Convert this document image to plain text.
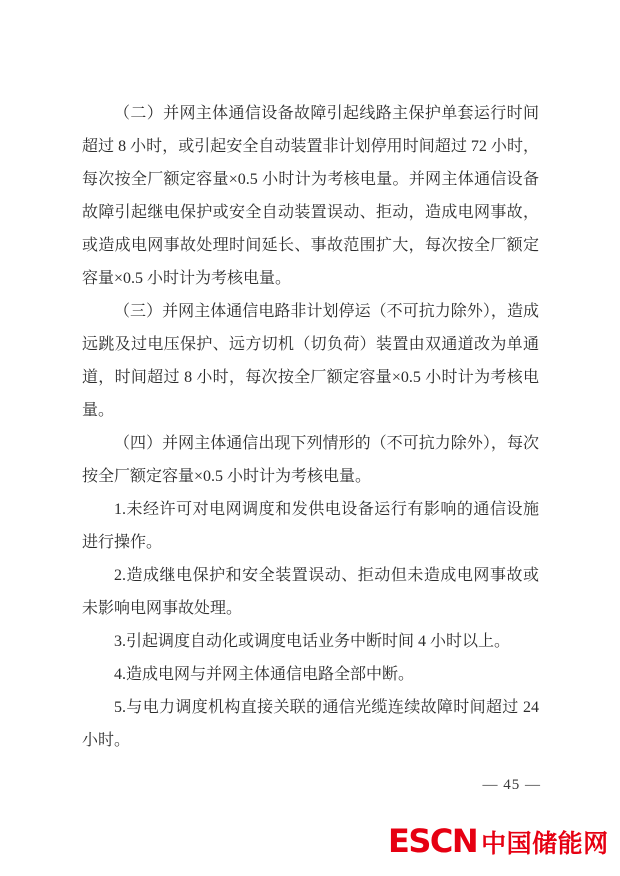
（二）并网主体通信设备故障引起线路主保护单套运行时间超过 8 小时，或引起安全自动装置非计划停用时间超过 72 小时，每次按全厂额定容量×0.5 小时计为考核电量。并网主体通信设备故障引起继电保护或安全自动装置误动、拒动，造成电网事故，或造成电网事故处理时间延长、事故范围扩大，每次按全厂额定容量×0.5 小时计为考核电量。

（三）并网主体通信电路非计划停运（不可抗力除外），造成远跳及过电压保护、远方切机（切负荷）装置由双通道改为单通道，时间超过 8 小时，每次按全厂额定容量×0.5 小时计为考核电量。

（四）并网主体通信出现下列情形的（不可抗力除外），每次按全厂额定容量×0.5 小时计为考核电量。

1.未经许可对电网调度和发供电设备运行有影响的通信设施进行操作。

2.造成继电保护和安全装置误动、拒动但未造成电网事故或未影响电网事故处理。

3.引起调度自动化或调度电话业务中断时间 4 小时以上。

4.造成电网与并网主体通信电路全部中断。

5.与电力调度机构直接关联的通信光缆连续故障时间超过 24 小时。

— 45 —
ESCN 中国储能网
